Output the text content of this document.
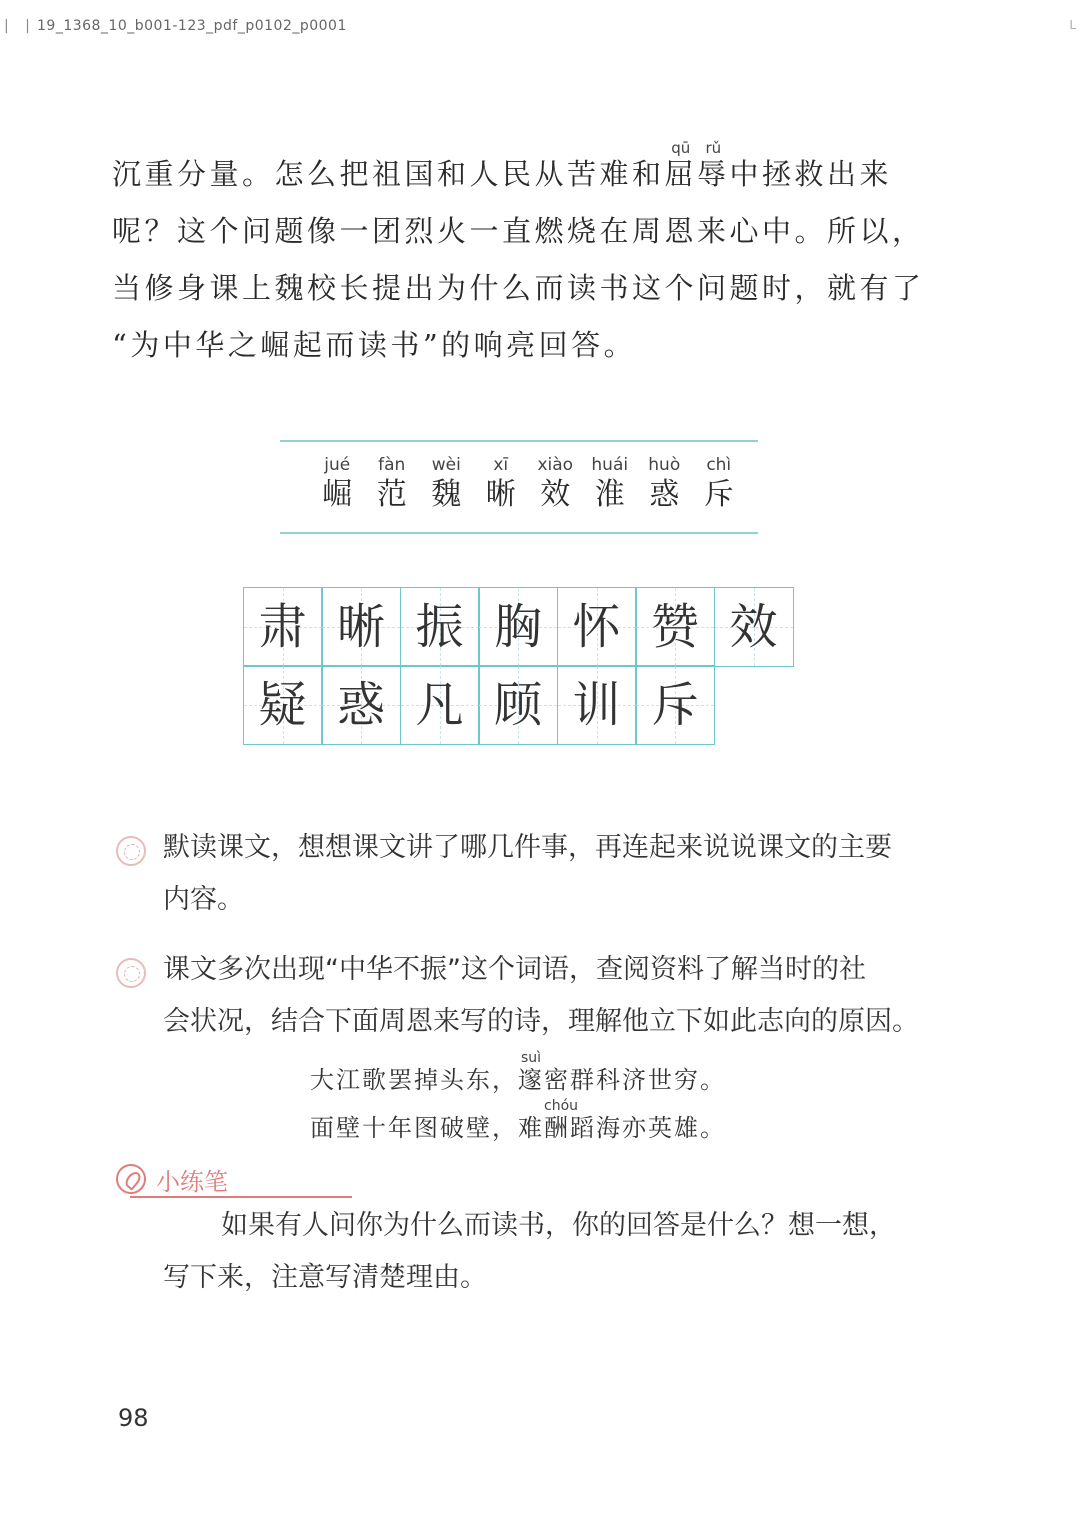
| | 19_1368_10_b001-123_pdf_p0102_p0001	L
沉重分量。怎么把祖国和人民从苦难和
qū
屈
rǔ
辱中拯救出来
呢？这个问题像一团烈火一直燃烧在周恩来心中。所以，
当修身课上魏校长提出为什么而读书这个问题时，就有了
“为中华之崛起而读书”的响亮回答。
jué
崛
fàn
范
wèi
魏
xī
晰
xiào
效
huái
淮
huò
惑
chì
斥
肃 晰 振 胸 怀 赞 效
疑 惑 凡 顾 训 斥
默读课文，想想课文讲了哪几件事，再连起来说说课文的主要
内容。
课文多次出现“中华不振”这个词语，查阅资料了解当时的社
会状况，结合下面周恩来写的诗，理解他立下如此志向的原因。
大江歌罢掉头东，
suì
邃密群科济世穷。
面壁十年图破壁，难
chóu
酬蹈海亦英雄。
小练笔
如果有人问你为什么而读书，你的回答是什么？想一想，
写下来，注意写清楚理由。
98
